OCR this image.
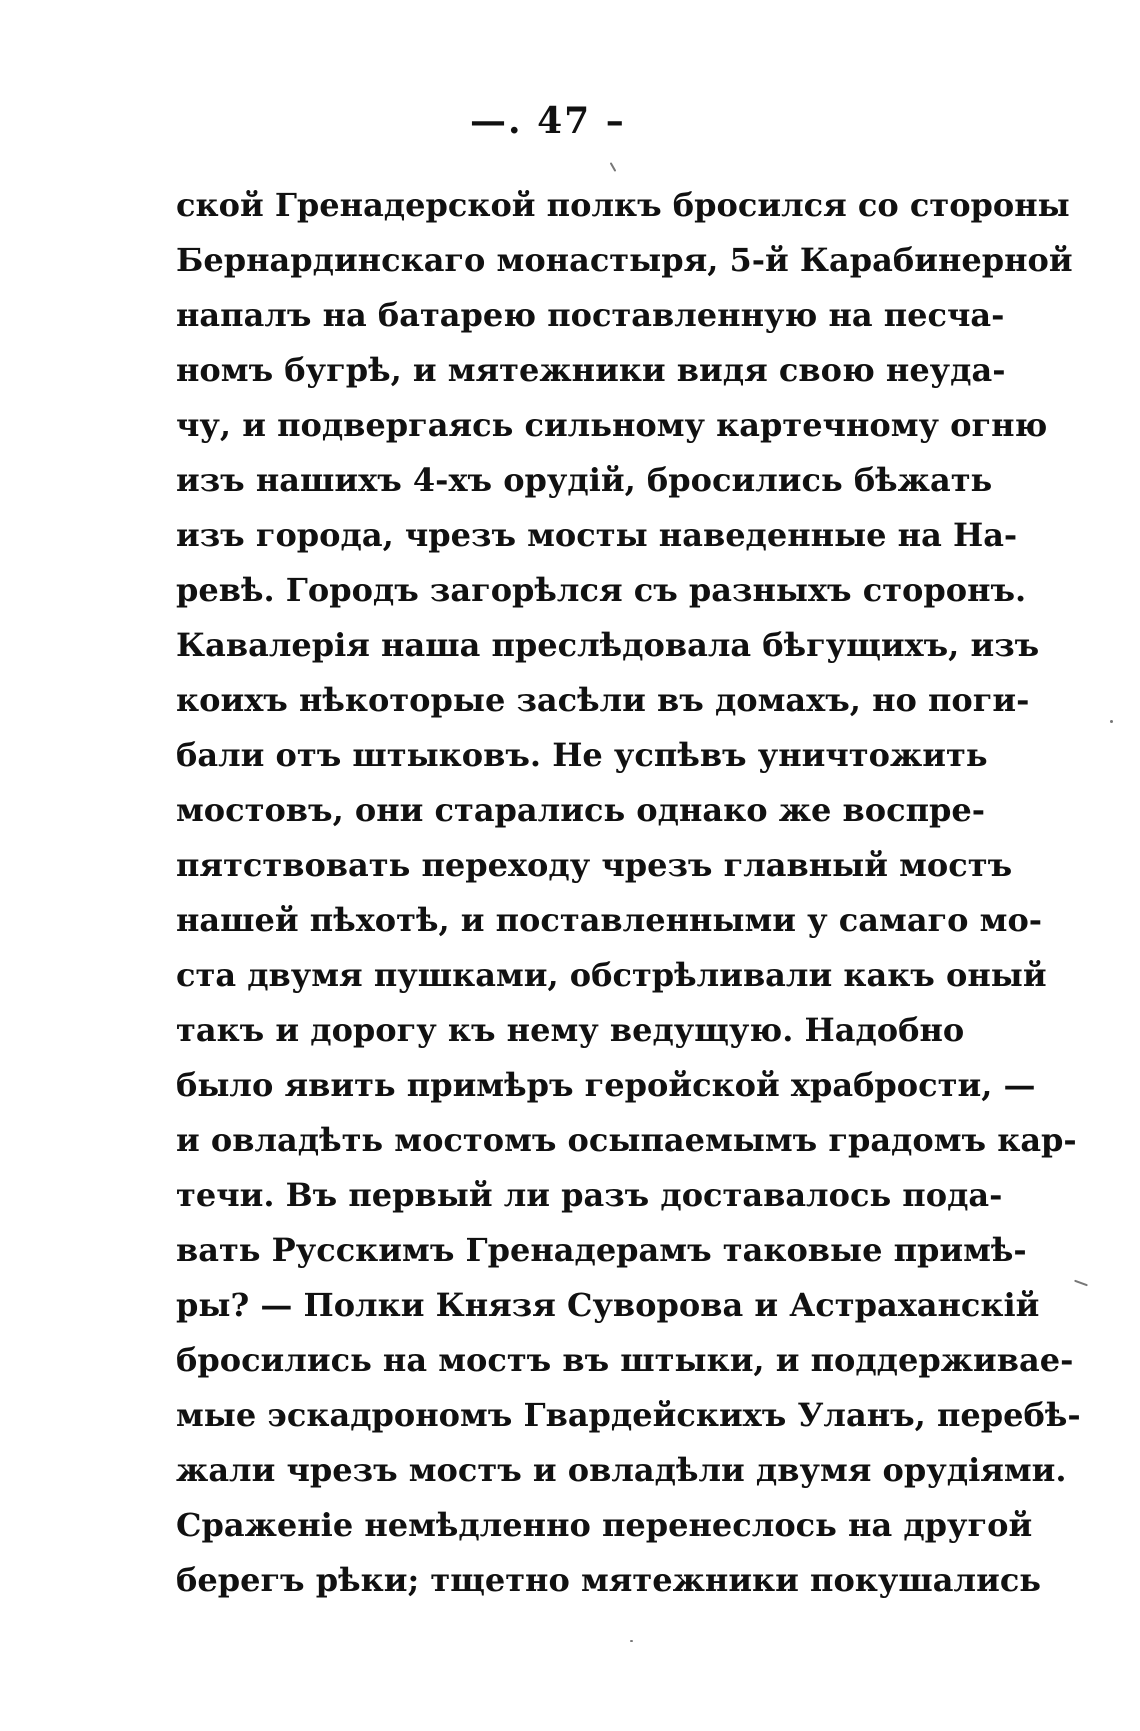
—. 47 –
ской Гренадерской полкъ бросился со стороны
Бернардинскаго монастыря, 5-й Карабинерной
напалъ на батарею поставленную на песча-
номъ бугрѣ, и мятежники видя свою неуда-
чу, и подвергаясь сильному картечному огню
изъ нашихъ 4-хъ орудій, бросились бѣжать
изъ города, чрезъ мосты наведенные на На-
ревѣ. Городъ загорѣлся съ разныхъ сторонъ.
Кавалерія наша преслѣдовала бѣгущихъ, изъ
коихъ нѣкоторые засѣли въ домахъ, но поги-
бали отъ штыковъ. Не успѣвъ уничтожить
мостовъ, они старались однако же воспре-
пятствовать переходу чрезъ главный мостъ
нашей пѣхотѣ, и поставленными у самаго мо-
ста двумя пушками, обстрѣливали какъ оный
такъ и дорогу къ нему ведущую. Надобно
было явить примѣръ геройской храбрости, —
и овладѣть мостомъ осыпаемымъ градомъ кар-
течи. Въ первый ли разъ доставалось пода-
вать Русскимъ Гренадерамъ таковые примѣ-
ры? — Полки Князя Суворова и Астраханскій
бросились на мостъ въ штыки, и поддерживае-
мые эскадрономъ Гвардейскихъ Уланъ, перебѣ-
жали чрезъ мостъ и овладѣли двумя орудіями.
Сраженіе немѣдленно перенеслось на другой
берегъ рѣки; тщетно мятежники покушались
